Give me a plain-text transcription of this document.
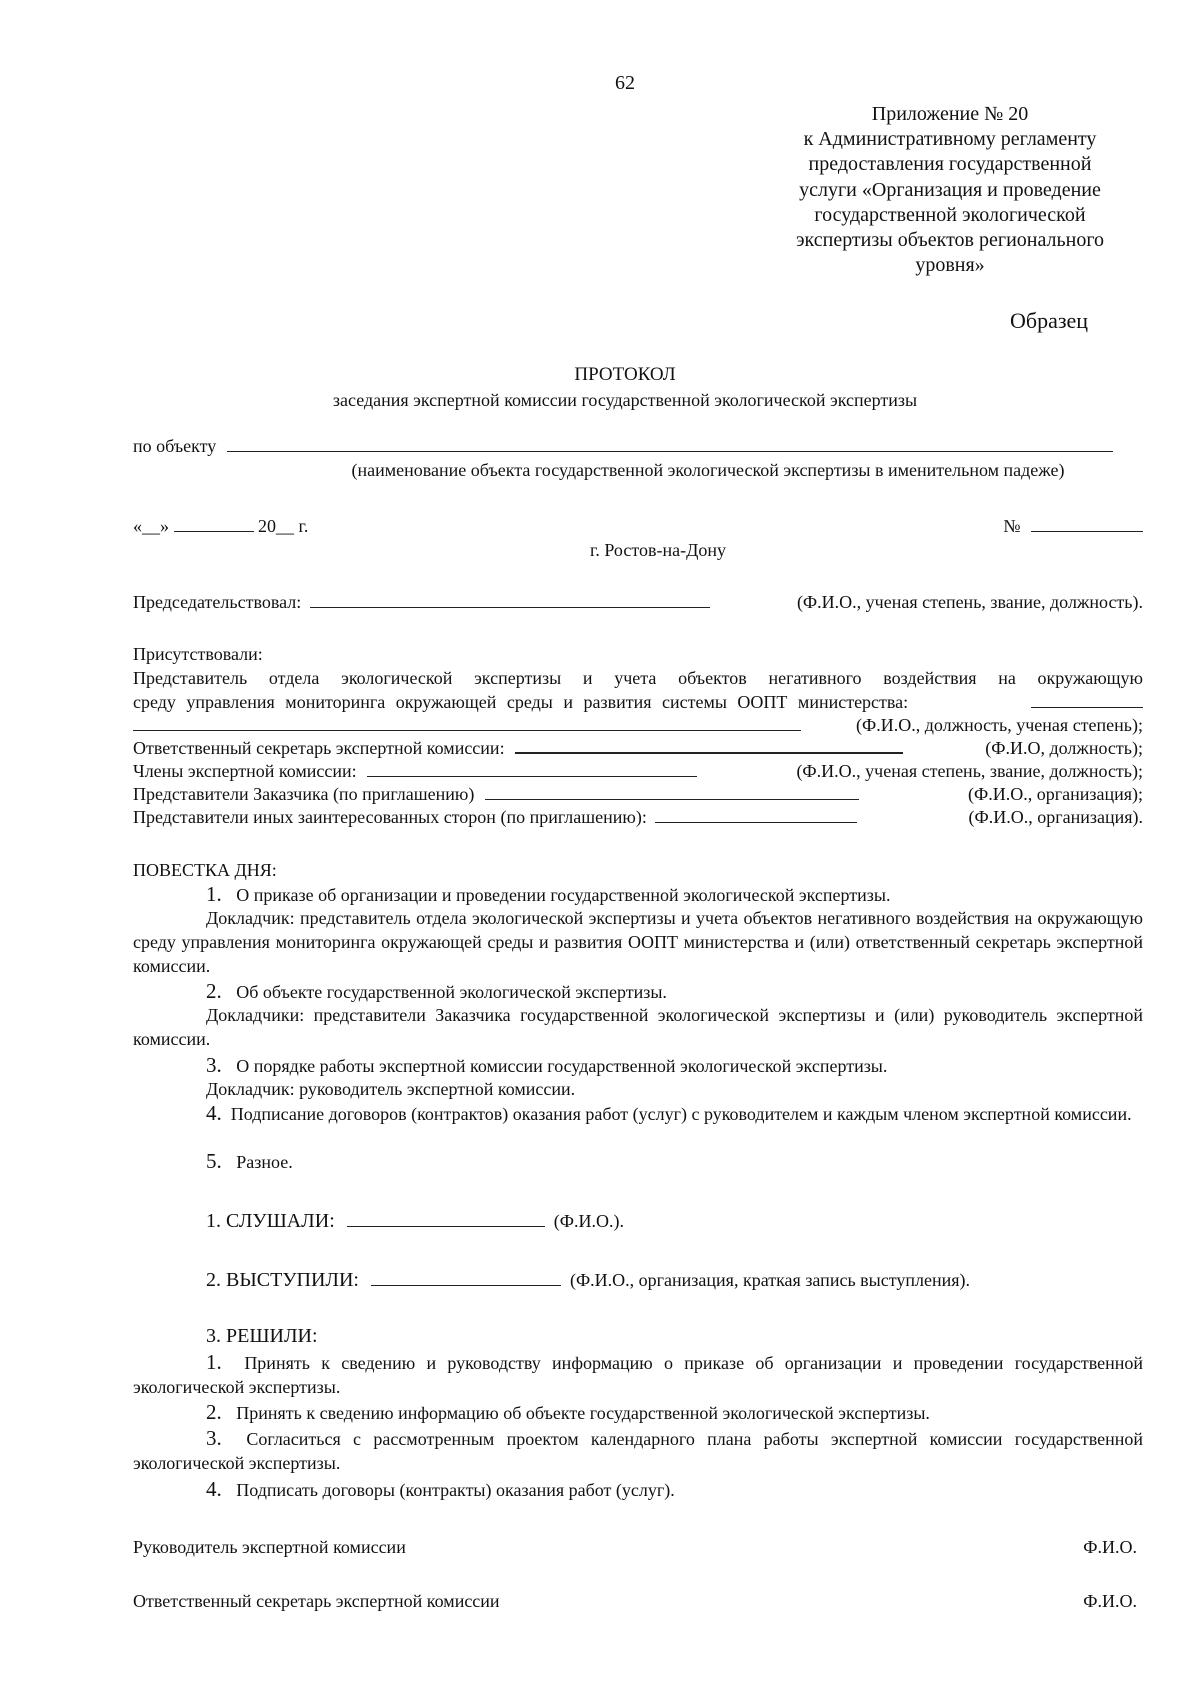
62
Приложение № 20
к Административному регламенту
предоставления государственной
услуги «Организация и проведение
государственной экологической
экспертизы объектов регионального
уровня»
Образец
ПРОТОКОЛ
заседания экспертной комиссии государственной экологической экспертизы
по объекту
(наименование объекта государственной экологической экспертизы в именительном падеже)
«__»	20__ г.	№
г. Ростов-на-Дону
Председательствовал:	(Ф.И.О., ученая степень, звание, должность).
Присутствовали:
Представитель отдела экологической экспертизы и учета объектов негативного воздействия на окружающую
среду управления мониторинга окружающей среды и развития системы ООПТ министерства:
(Ф.И.О., должность, ученая степень);
Ответственный секретарь экспертной комиссии:	(Ф.И.О, должность);
Члены экспертной комиссии:	(Ф.И.О., ученая степень, звание, должность);
Представители Заказчика (по приглашению)	(Ф.И.О., организация);
Представители иных заинтересованных сторон (по приглашению):	(Ф.И.О., организация).
ПОВЕСТКА ДНЯ:
1. О приказе об организации и проведении государственной экологической экспертизы.
Докладчик: представитель отдела экологической экспертизы и учета объектов негативного воздействия на окружающую среду управления мониторинга окружающей среды и развития ООПТ министерства и (или) ответственный секретарь экспертной комиссии.
2. Об объекте государственной экологической экспертизы.
Докладчики: представители Заказчика государственной экологической экспертизы и (или) руководитель экспертной комиссии.
3. О порядке работы экспертной комиссии государственной экологической экспертизы.
Докладчик: руководитель экспертной комиссии.
4. Подписание договоров (контрактов) оказания работ (услуг) с руководителем и каждым членом экспертной комиссии.
5. Разное.
1. СЛУШАЛИ:	(Ф.И.О.).
2. ВЫСТУПИЛИ:	(Ф.И.О., организация, краткая запись выступления).
3. РЕШИЛИ:
1. Принять к сведению и руководству информацию о приказе об организации и проведении государственной экологической экспертизы.
2. Принять к сведению информацию об объекте государственной экологической экспертизы.
3. Согласиться с рассмотренным проектом календарного плана работы экспертной комиссии государственной экологической экспертизы.
4. Подписать договоры (контракты) оказания работ (услуг).
Руководитель экспертной комиссии	Ф.И.О.
Ответственный секретарь экспертной комиссии	Ф.И.О.
